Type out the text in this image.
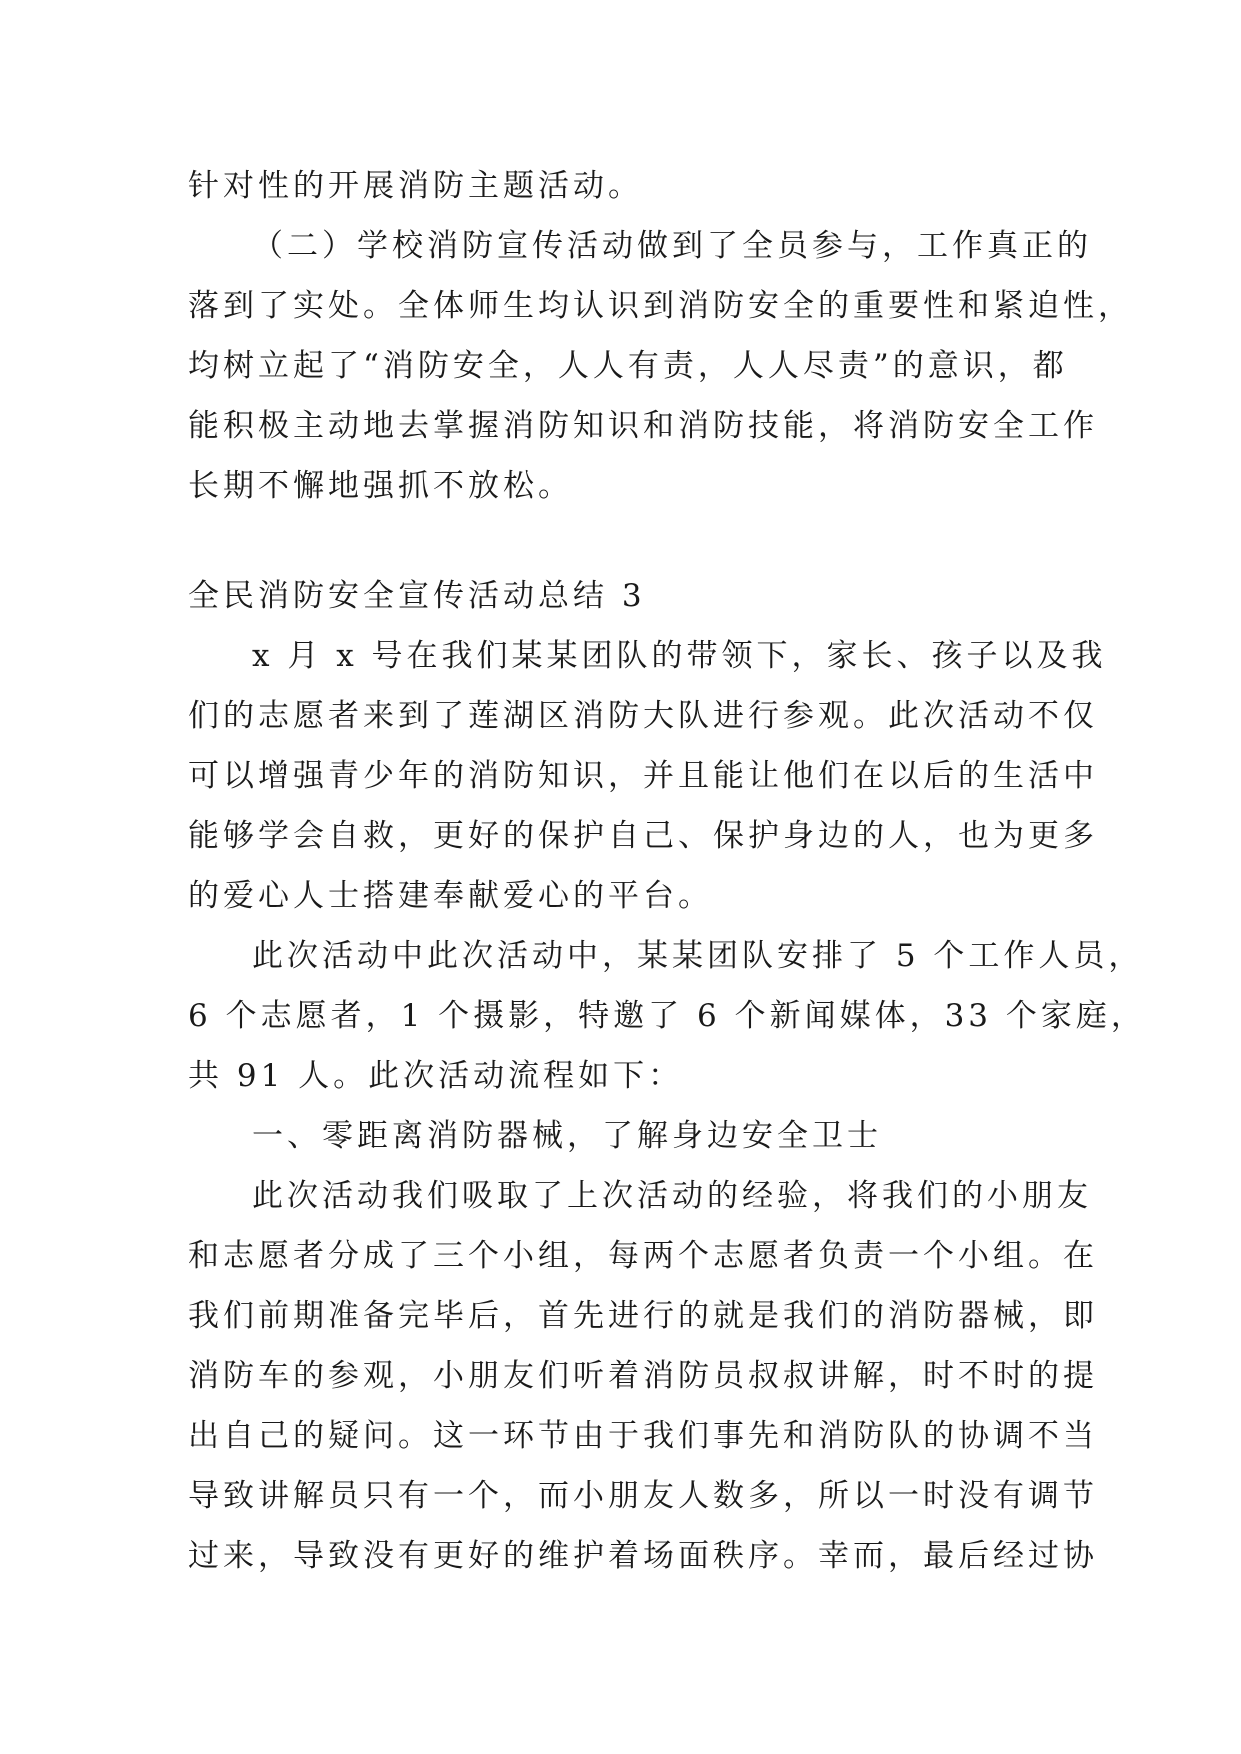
针对性的开展消防主题活动。

（二）学校消防宣传活动做到了全员参与，工作真正的

落到了实处。全体师生均认识到消防安全的重要性和紧迫性，

均树立起了“消防安全，人人有责，人人尽责”的意识，都

能积极主动地去掌握消防知识和消防技能，将消防安全工作

长期不懈地强抓不放松。

全民消防安全宣传活动总结 3

x 月 x 号在我们某某团队的带领下，家长、孩子以及我

们的志愿者来到了莲湖区消防大队进行参观。此次活动不仅

可以增强青少年的消防知识，并且能让他们在以后的生活中

能够学会自救，更好的保护自己、保护身边的人，也为更多

的爱心人士搭建奉献爱心的平台。

此次活动中此次活动中，某某团队安排了 5 个工作人员，

6 个志愿者，1 个摄影，特邀了 6 个新闻媒体，33 个家庭，

共 91 人。此次活动流程如下：

一、零距离消防器械，了解身边安全卫士

此次活动我们吸取了上次活动的经验，将我们的小朋友

和志愿者分成了三个小组，每两个志愿者负责一个小组。在

我们前期准备完毕后，首先进行的就是我们的消防器械，即

消防车的参观，小朋友们听着消防员叔叔讲解，时不时的提

出自己的疑问。这一环节由于我们事先和消防队的协调不当

导致讲解员只有一个，而小朋友人数多，所以一时没有调节

过来，导致没有更好的维护着场面秩序。幸而，最后经过协
